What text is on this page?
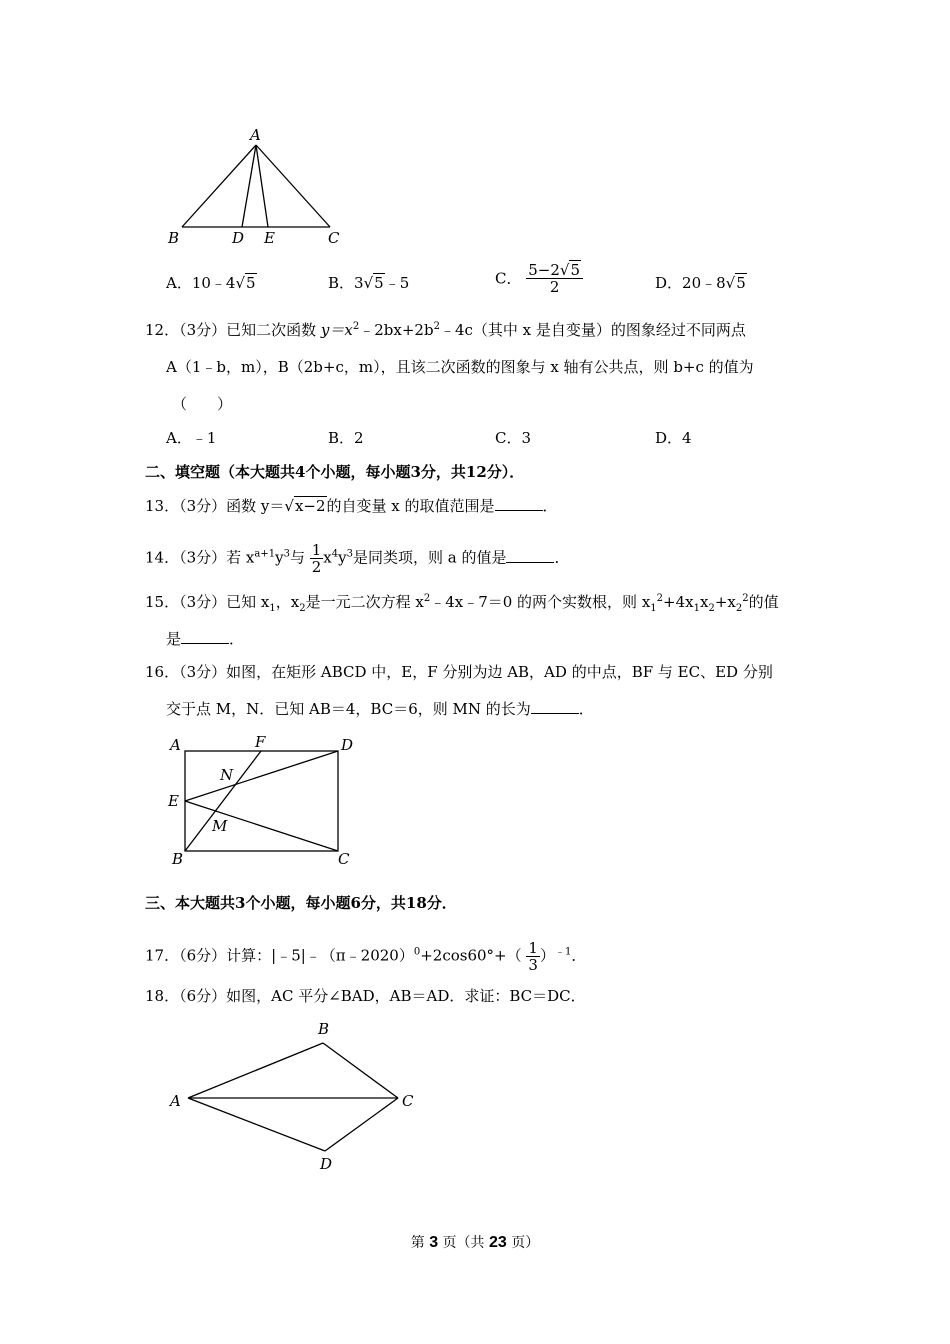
A
B	D E	C
A．10﹣4√5	B．3√5﹣5	C． $\frac{5-2√5}{2}$	D．20﹣8√5
12．（3分）已知二次函数 $y=x^2﹣2bx+2b^2﹣4c$（其中 x 是自变量）的图象经过不同两点
A（1﹣b，m），B（2b+c，m），且该二次函数的图象与 x 轴有公共点，则 b+c 的值为
（　　）
A．﹣1	B．2	C．3	D．4
二、填空题（本大题共4个小题，每小题3分，共12分）．
13．（3分）函数 y＝√x−2的自变量 x 的取值范围是	．
14．（3分）若 $x^{a+1}y^3$与 $\frac{1}{2} x^4y^3$是同类项，则 a 的值是	．
15．（3分）已知 $x_1$，$x_2$是一元二次方程 $x^2﹣4x﹣7=0$ 的两个实数根，则 $x_1^2+4x_1x_2+x_2^2$的值
是	．
16．（3分）如图，在矩形 ABCD 中，E，F 分别为边 AB，AD 的中点，BF 与 EC、ED 分别
交于点 M，N．已知 AB＝4，BC＝6，则 MN 的长为	．
A	F	D
N
E
M
B	C
三、本大题共3个小题，每小题6分，共18分．
17．（6分）计算：|﹣5|﹣（π﹣2020）$^0$+2cos60°+（ $\frac{1}{3} )^{﹣1}$．
18．（6分）如图，AC 平分∠BAD，AB＝AD．求证：BC＝DC．
B
A	C
D
第 3 页（共 23 页）
